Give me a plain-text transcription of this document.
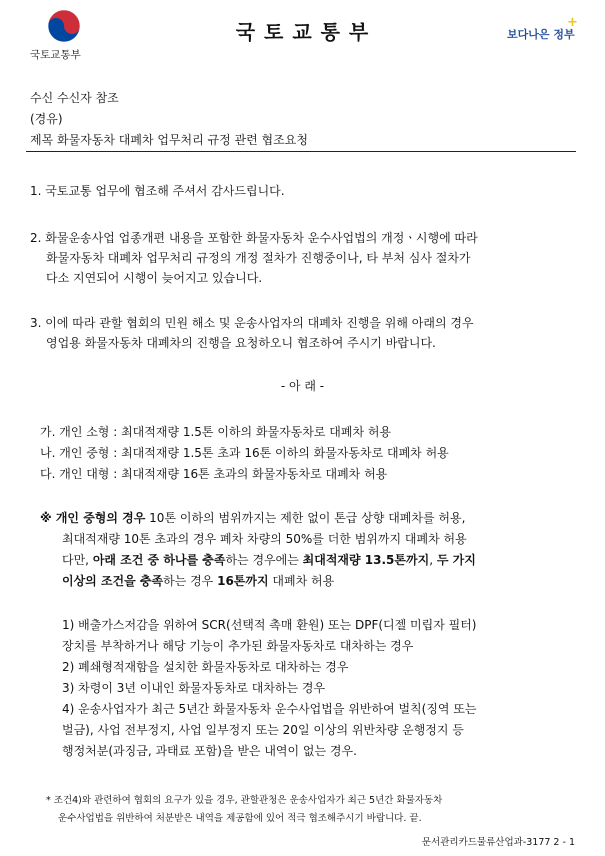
국토교통부
국 토 교 통 부	보다나은 정부
+
수신 수신자 참조
(경유)
제목 화물자동차 대폐차 업무처리 규정 관련 협조요청
1. 국토교통 업무에 협조해 주셔서 감사드립니다.
2. 화물운송사업 업종개편 내용을 포함한 화물자동차 운수사업법의 개정ㆍ시행에 따라
화물자동차 대폐차 업무처리 규정의 개정 절차가 진행중이나, 타 부처 심사 절차가
다소 지연되어 시행이 늦어지고 있습니다.
3. 이에 따라 관할 협회의 민원 해소 및 운송사업자의 대폐차 진행을 위해 아래의 경우
영업용 화물자동차 대폐차의 진행을 요청하오니 협조하여 주시기 바랍니다.
- 아 래 -
가. 개인 소형 : 최대적재량 1.5톤 이하의 화물자동차로 대폐차 허용
나. 개인 중형 : 최대적재량 1.5톤 초과 16톤 이하의 화물자동차로 대폐차 허용
다. 개인 대형 : 최대적재량 16톤 초과의 화물자동차로 대폐차 허용
※ 개인 중형의 경우 10톤 이하의 범위까지는 제한 없이 톤급 상향 대폐차를 허용,
최대적재량 10톤 초과의 경우 폐차 차량의 50%를 더한 범위까지 대폐차 허용
다만, 아래 조건 중 하나를 충족하는 경우에는 최대적재량 13.5톤까지, 두 가지
이상의 조건을 충족하는 경우 16톤까지 대폐차 허용
1) 배출가스저감을 위하여 SCR(선택적 촉매 환원) 또는 DPF(디젤 미립자 필터)
장치를 부착하거나 해당 기능이 추가된 화물자동차로 대차하는 경우
2) 폐쇄형적재함을 설치한 화물자동차로 대차하는 경우
3) 차령이 3년 이내인 화물자동차로 대차하는 경우
4) 운송사업자가 최근 5년간 화물자동차 운수사업법을 위반하여 벌칙(징역 또는
벌금), 사업 전부정지, 사업 일부정지 또는 20일 이상의 위반차량 운행정지 등
행정처분(과징금, 과태료 포함)을 받은 내역이 없는 경우.
* 조건4)와 관련하여 협회의 요구가 있을 경우, 관할관청은 운송사업자가 최근 5년간 화물자동차
운수사업법을 위반하여 처분받은 내역을 제공함에 있어 적극 협조해주시기 바랍니다. 끝.
문서관리카드물류산업과-3177 2 - 1
